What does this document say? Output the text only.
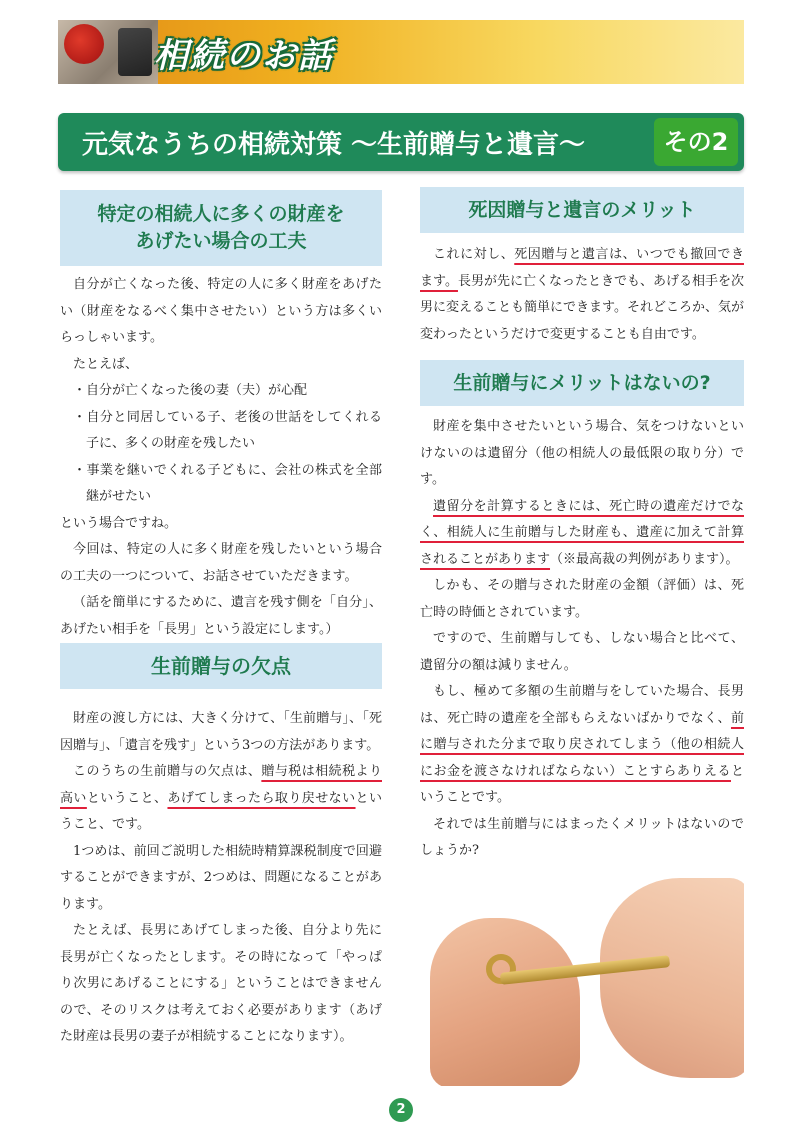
相続のお話
元気なうちの相続対策 ～生前贈与と遺言～	その2
特定の相続人に多くの財産を
あげたい場合の工夫

自分が亡くなった後、特定の人に多く財産をあげたい（財産をなるべく集中させたい）という方は多くいらっしゃいます。

たとえば、

・自分が亡くなった後の妻（夫）が心配
・自分と同居している子、老後の世話をしてくれる子に、多くの財産を残したい
・事業を継いでくれる子どもに、会社の株式を全部継がせたい

という場合ですね。

今回は、特定の人に多く財産を残したいという場合の工夫の一つについて、お話させていただきます。

（話を簡単にするために、遺言を残す側を「自分」、あげたい相手を「長男」という設定にします。）

生前贈与の欠点

財産の渡し方には、大きく分けて、「生前贈与」、「死因贈与」、「遺言を残す」という3つの方法があります。

このうちの生前贈与の欠点は、贈与税は相続税より高いということ、あげてしまったら取り戻せないということ、です。

1つめは、前回ご説明した相続時精算課税制度で回避することができますが、2つめは、問題になることがあります。

たとえば、長男にあげてしまった後、自分より先に長男が亡くなったとします。その時になって「やっぱり次男にあげることにする」ということはできませんので、そのリスクは考えておく必要があります（あげた財産は長男の妻子が相続することになります）。

死因贈与と遺言のメリット

これに対し、死因贈与と遺言は、いつでも撤回できます。長男が先に亡くなったときでも、あげる相手を次男に変えることも簡単にできます。それどころか、気が変わったというだけで変更することも自由です。

生前贈与にメリットはないの?

財産を集中させたいという場合、気をつけないといけないのは遺留分（他の相続人の最低限の取り分）です。

遺留分を計算するときには、死亡時の遺産だけでなく、相続人に生前贈与した財産も、遺産に加えて計算されることがあります（※最高裁の判例があります）。

しかも、その贈与された財産の金額（評価）は、死亡時の時価とされています。

ですので、生前贈与しても、しない場合と比べて、遺留分の額は減りません。

もし、極めて多額の生前贈与をしていた場合、長男は、死亡時の遺産を全部もらえないばかりでなく、前に贈与された分まで取り戻されてしまう（他の相続人にお金を渡さなければならない）ことすらありえるということです。

それでは生前贈与にはまったくメリットはないのでしょうか?

2
